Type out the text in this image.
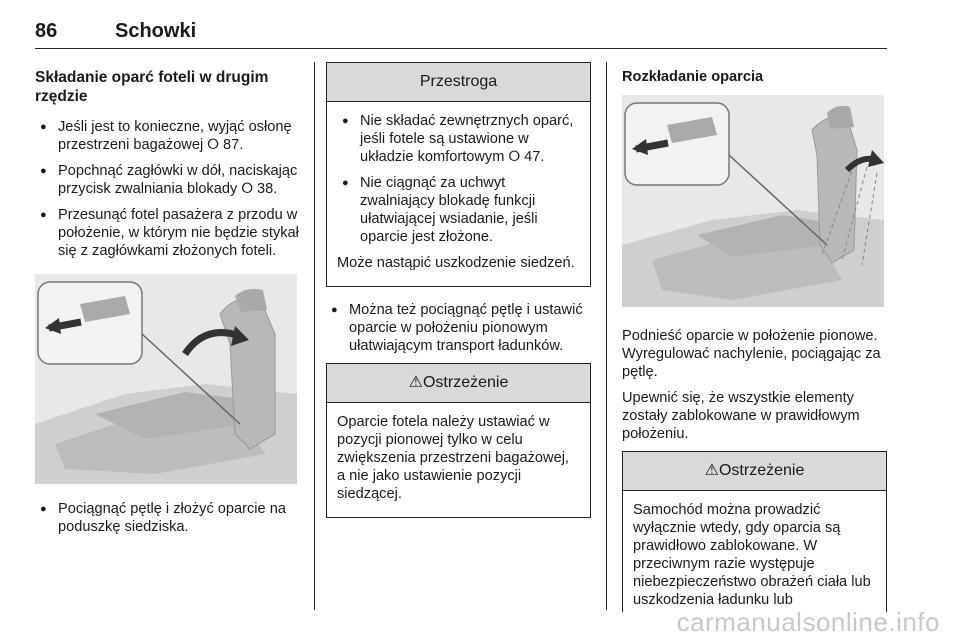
86	Schowki
Składanie oparć foteli w drugim rzędzie
● Jeśli jest to konieczne, wyjąć osłonę przestrzeni bagażowej ⭘ 87.
● Popchnąć zagłówki w dół, naciskając przycisk zwalniania blokady ⭘ 38.
● Przesunąć fotel pasażera z przodu w położenie, w którym nie będzie stykał się z zagłówkami złożonych foteli.
● Pociągnąć pętlę i złożyć oparcie na poduszkę siedziska.
Przestroga
● Nie składać zewnętrznych oparć, jeśli fotele są ustawione w układzie komfortowym ⭘ 47.
● Nie ciągnąć za uchwyt zwalniający blokadę funkcji ułatwiającej wsiadanie, jeśli oparcie jest złożone.

Może nastąpić uszkodzenie siedzeń.

● Można też pociągnąć pętlę i ustawić oparcie w położeniu pionowym ułatwiającym transport ładunków.
⚠Ostrzeżenie

Oparcie fotela należy ustawiać w pozycji pionowej tylko w celu zwiększenia przestrzeni bagażowej, a nie jako ustawienie pozycji siedzącej.

Rozkładanie oparcia

Podnieść oparcie w położenie pionowe. Wyregulować nachylenie, pociągając za pętlę.

Upewnić się, że wszystkie elementy zostały zablokowane w prawidłowym położeniu.

⚠Ostrzeżenie

Samochód można prowadzić wyłącznie wtedy, gdy oparcia są prawidłowo zablokowane. W przeciwnym razie występuje niebezpieczeństwo obrażeń ciała lub uszkodzenia ładunku lub

carmanualsonline.info
